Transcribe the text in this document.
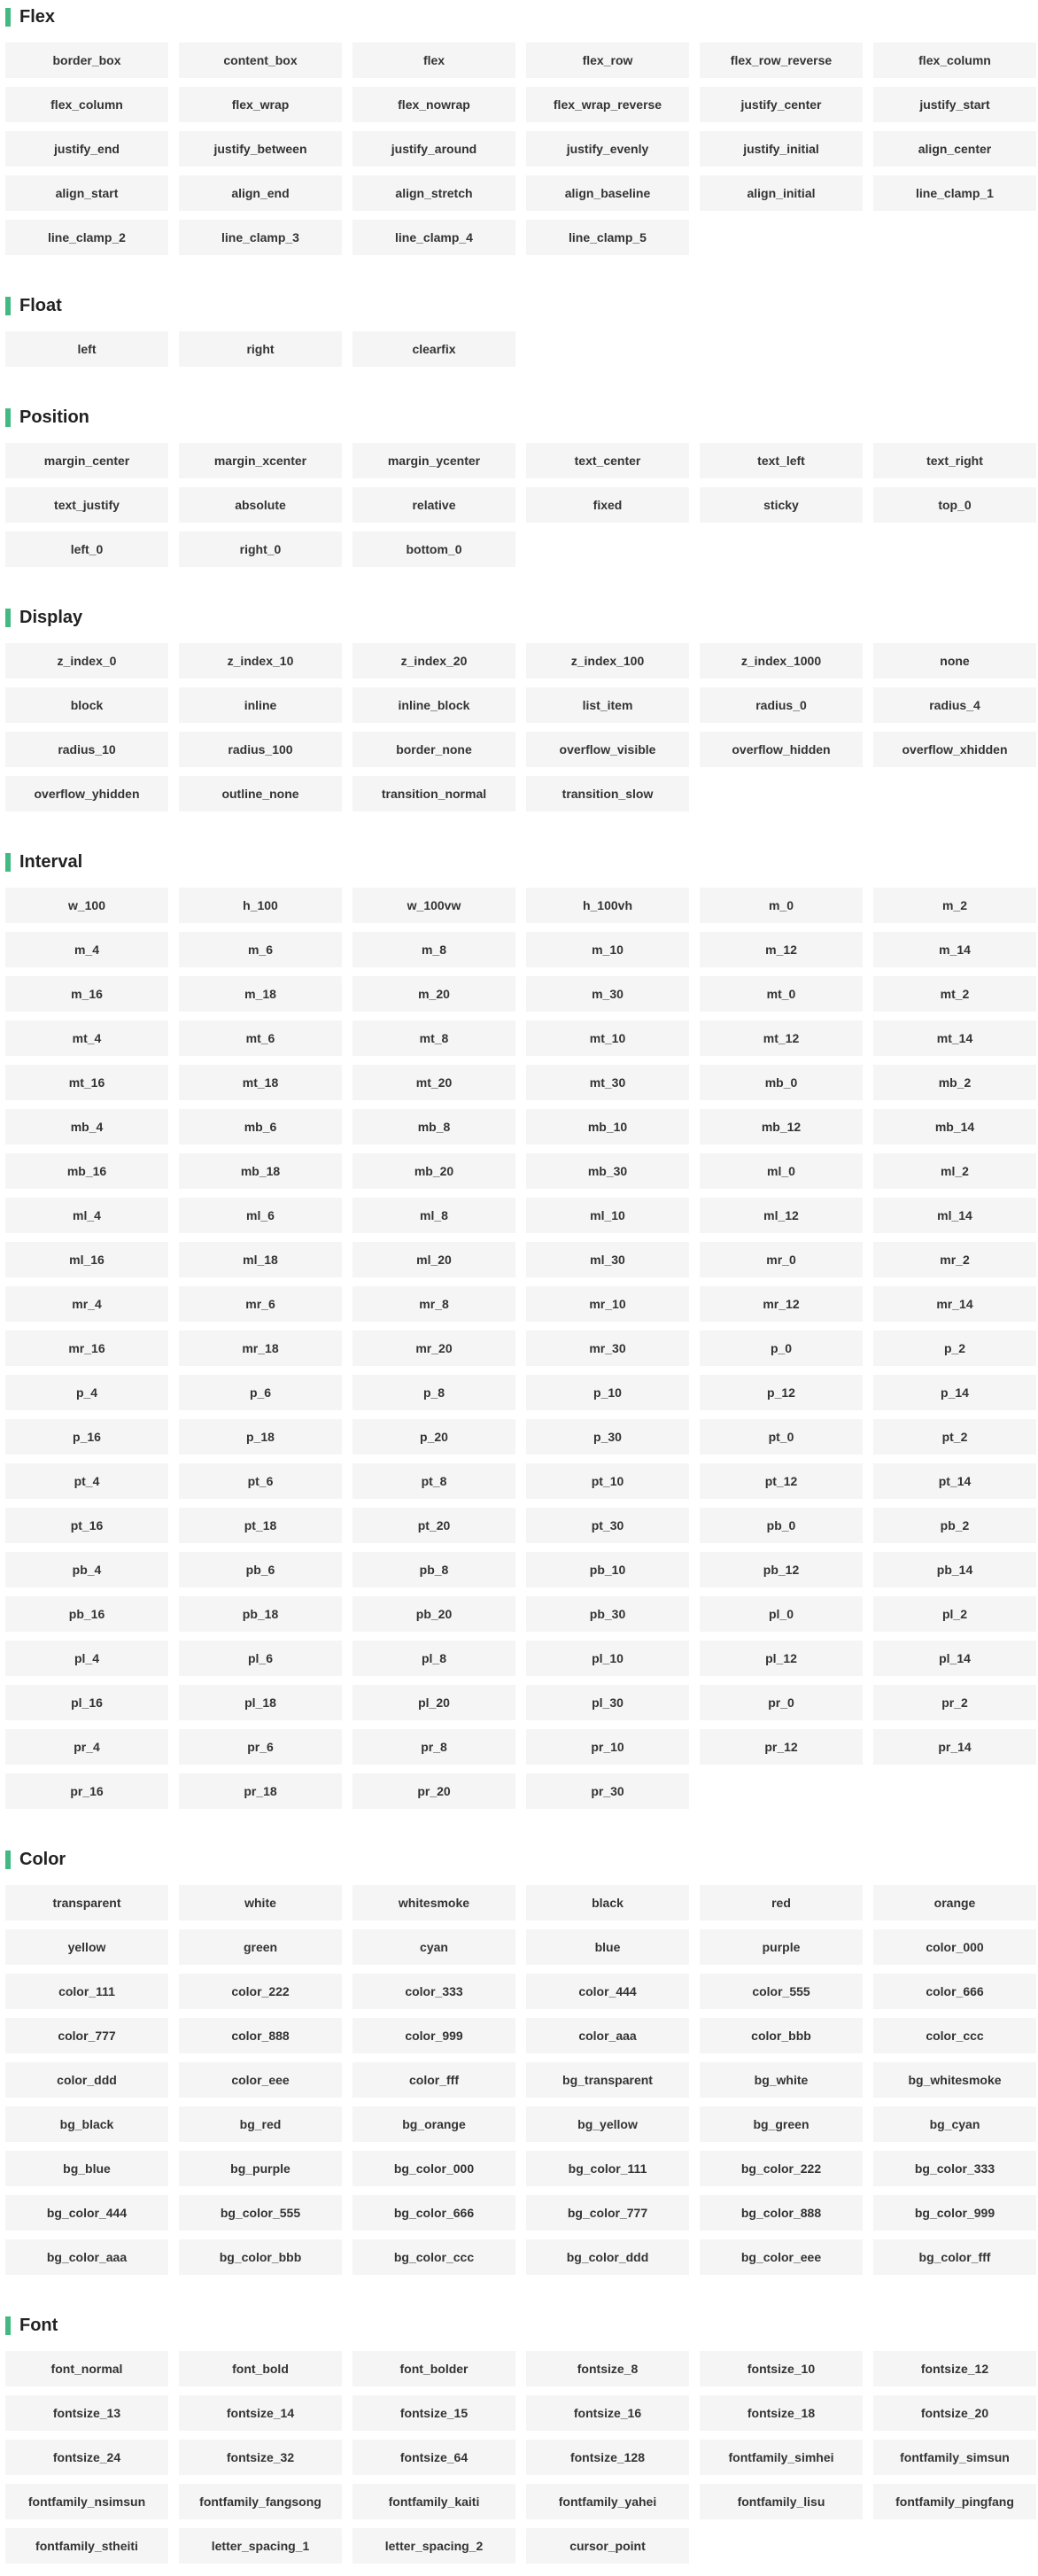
Flex
border_box	content_box	flex	flex_row	flex_row_reverse	flex_column
flex_column	flex_wrap	flex_nowrap	flex_wrap_reverse	justify_center	justify_start
justify_end	justify_between	justify_around	justify_evenly	justify_initial	align_center
align_start	align_end	align_stretch	align_baseline	align_initial	line_clamp_1
line_clamp_2	line_clamp_3	line_clamp_4	line_clamp_5
Float
left	right	clearfix
Position
margin_center	margin_xcenter	margin_ycenter	text_center	text_left	text_right
text_justify	absolute	relative	fixed	sticky	top_0
left_0	right_0	bottom_0
Display
z_index_0	z_index_10	z_index_20	z_index_100	z_index_1000	none
block	inline	inline_block	list_item	radius_0	radius_4
radius_10	radius_100	border_none	overflow_visible	overflow_hidden	overflow_xhidden
overflow_yhidden	outline_none	transition_normal	transition_slow
Interval
w_100	h_100	w_100vw	h_100vh	m_0	m_2
m_4	m_6	m_8	m_10	m_12	m_14
m_16	m_18	m_20	m_30	mt_0	mt_2
mt_4	mt_6	mt_8	mt_10	mt_12	mt_14
mt_16	mt_18	mt_20	mt_30	mb_0	mb_2
mb_4	mb_6	mb_8	mb_10	mb_12	mb_14
mb_16	mb_18	mb_20	mb_30	ml_0	ml_2
ml_4	ml_6	ml_8	ml_10	ml_12	ml_14
ml_16	ml_18	ml_20	ml_30	mr_0	mr_2
mr_4	mr_6	mr_8	mr_10	mr_12	mr_14
mr_16	mr_18	mr_20	mr_30	p_0	p_2
p_4	p_6	p_8	p_10	p_12	p_14
p_16	p_18	p_20	p_30	pt_0	pt_2
pt_4	pt_6	pt_8	pt_10	pt_12	pt_14
pt_16	pt_18	pt_20	pt_30	pb_0	pb_2
pb_4	pb_6	pb_8	pb_10	pb_12	pb_14
pb_16	pb_18	pb_20	pb_30	pl_0	pl_2
pl_4	pl_6	pl_8	pl_10	pl_12	pl_14
pl_16	pl_18	pl_20	pl_30	pr_0	pr_2
pr_4	pr_6	pr_8	pr_10	pr_12	pr_14
pr_16	pr_18	pr_20	pr_30
Color
transparent	white	whitesmoke	black	red	orange
yellow	green	cyan	blue	purple	color_000
color_111	color_222	color_333	color_444	color_555	color_666
color_777	color_888	color_999	color_aaa	color_bbb	color_ccc
color_ddd	color_eee	color_fff	bg_transparent	bg_white	bg_whitesmoke
bg_black	bg_red	bg_orange	bg_yellow	bg_green	bg_cyan
bg_blue	bg_purple	bg_color_000	bg_color_111	bg_color_222	bg_color_333
bg_color_444	bg_color_555	bg_color_666	bg_color_777	bg_color_888	bg_color_999
bg_color_aaa	bg_color_bbb	bg_color_ccc	bg_color_ddd	bg_color_eee	bg_color_fff
Font
font_normal	font_bold	font_bolder	fontsize_8	fontsize_10	fontsize_12
fontsize_13	fontsize_14	fontsize_15	fontsize_16	fontsize_18	fontsize_20
fontsize_24	fontsize_32	fontsize_64	fontsize_128	fontfamily_simhei	fontfamily_simsun
fontfamily_nsimsun	fontfamily_fangsong	fontfamily_kaiti	fontfamily_yahei	fontfamily_lisu	fontfamily_pingfang
fontfamily_stheiti	letter_spacing_1	letter_spacing_2	cursor_point
